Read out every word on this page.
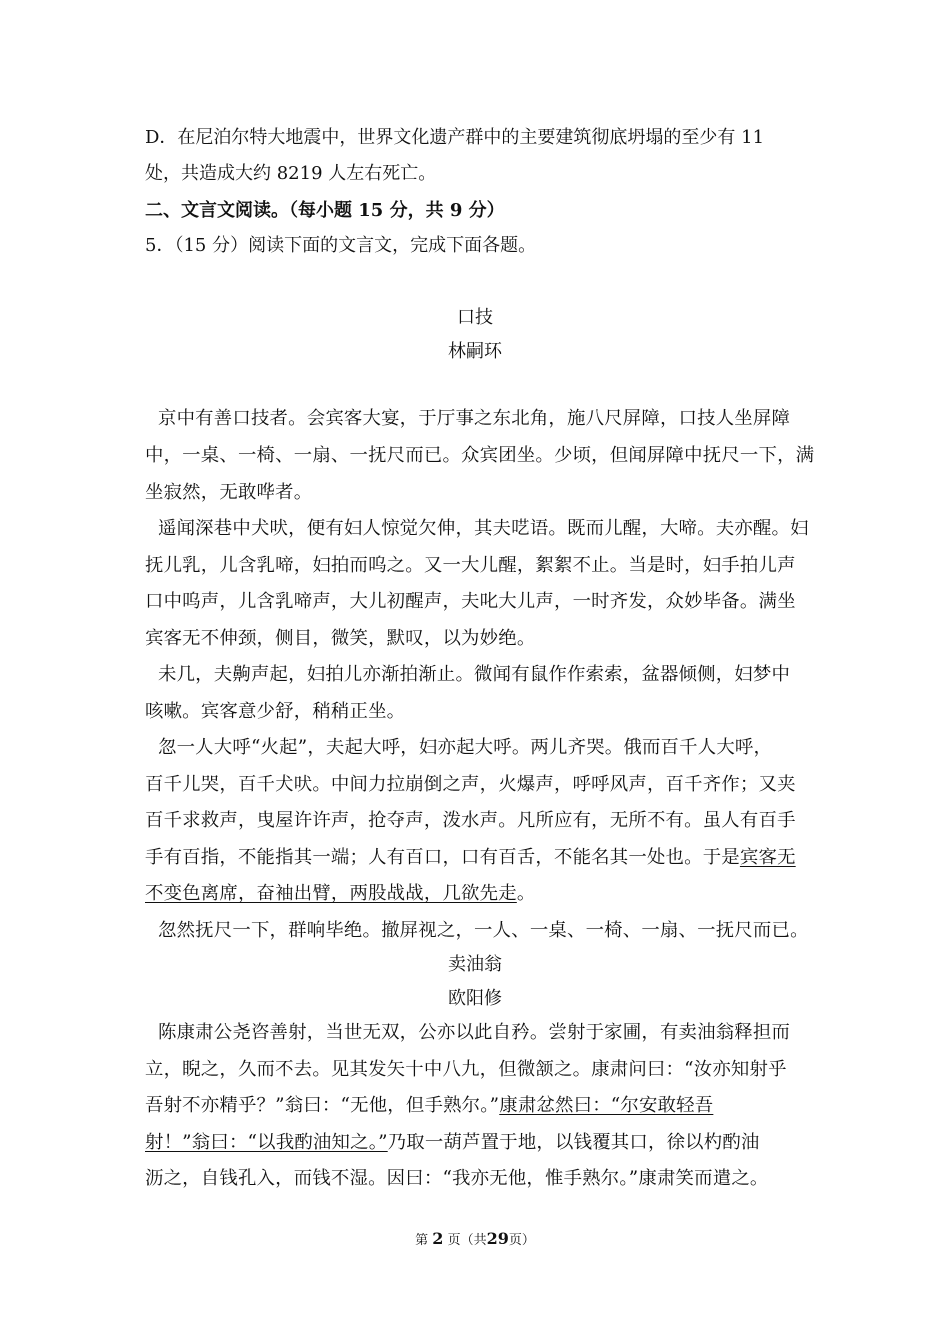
D．在尼泊尔特大地震中，世界文化遗产群中的主要建筑彻底坍塌的至少有 11
处，共造成大约 8219 人左右死亡。
二、文言文阅读。（每小题 15 分，共 9 分）
5．（15 分）阅读下面的文言文，完成下面各题。
口技
林嗣环
京中有善口技者。会宾客大宴，于厅事之东北角，施八尺屏障，口技人坐屏障
中，一桌、一椅、一扇、一抚尺而已。众宾团坐。少顷，但闻屏障中抚尺一下，满
坐寂然，无敢哗者。
遥闻深巷中犬吠，便有妇人惊觉欠伸，其夫呓语。既而儿醒，大啼。夫亦醒。妇
抚儿乳，儿含乳啼，妇拍而呜之。又一大儿醒，絮絮不止。当是时，妇手拍儿声
口中呜声，儿含乳啼声，大儿初醒声，夫叱大儿声，一时齐发，众妙毕备。满坐
宾客无不伸颈，侧目，微笑，默叹，以为妙绝。
未几，夫齁声起，妇拍儿亦渐拍渐止。微闻有鼠作作索索，盆器倾侧，妇梦中
咳嗽。宾客意少舒，稍稍正坐。
忽一人大呼“火起”，夫起大呼，妇亦起大呼。两儿齐哭。俄而百千人大呼，
百千儿哭，百千犬吠。中间力拉崩倒之声，火爆声，呼呼风声，百千齐作；又夹
百千求救声，曳屋许许声，抢夺声，泼水声。凡所应有，无所不有。虽人有百手
手有百指，不能指其一端；人有百口，口有百舌，不能名其一处也。于是宾客无
不变色离席，奋袖出臂，两股战战，几欲先走。
忽然抚尺一下，群响毕绝。撤屏视之，一人、一桌、一椅、一扇、一抚尺而已。
卖油翁
欧阳修
陈康肃公尧咨善射，当世无双，公亦以此自矜。尝射于家圃，有卖油翁释担而
立，睨之，久而不去。见其发矢十中八九，但微颔之。康肃问曰：“汝亦知射乎
吾射不亦精乎？”翁曰：“无他，但手熟尔。”康肃忿然曰：“尔安敢轻吾
射！”翁曰：“以我酌油知之。”乃取一葫芦置于地，以钱覆其口，徐以杓酌油
沥之，自钱孔入，而钱不湿。因曰：“我亦无他，惟手熟尔。”康肃笑而遣之。
第 2 页（共29页）
